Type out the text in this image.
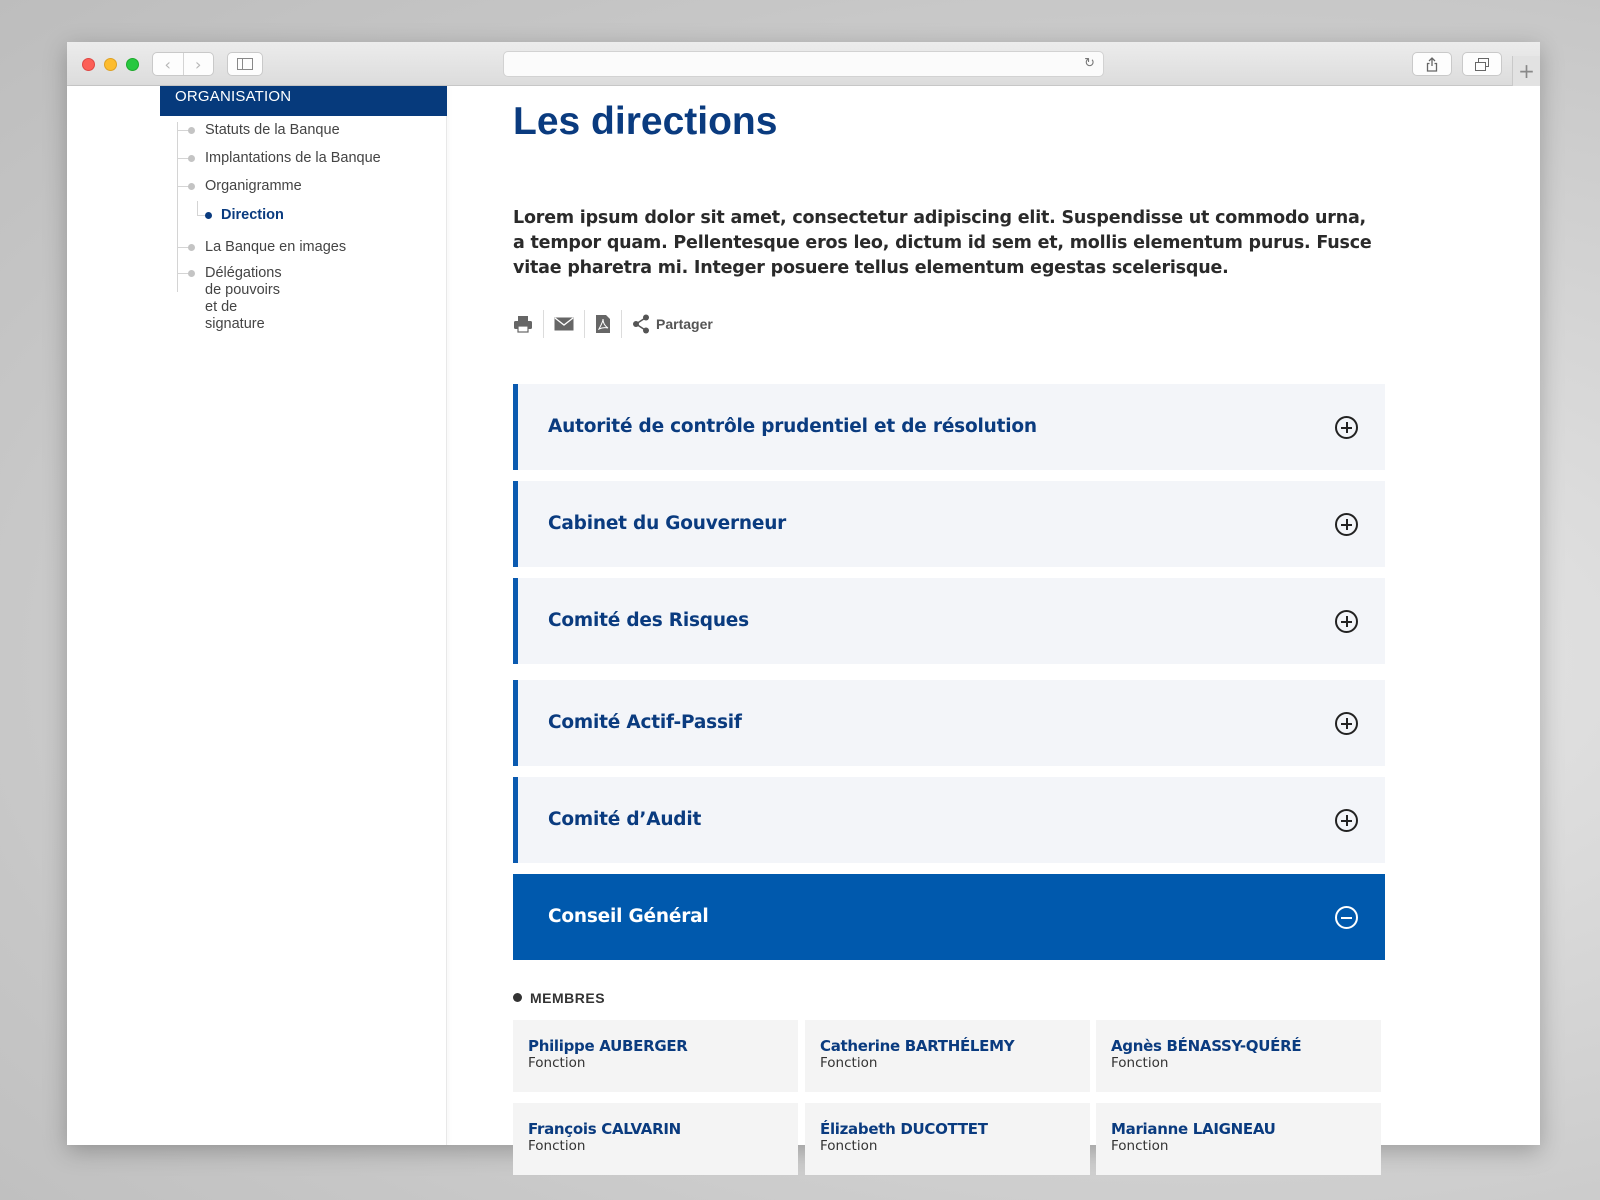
‹	›	↻	+
ORGANISATION
Statuts de la Banque
Implantations de la Banque
Organigramme
Direction
La Banque en images
Délégations de pouvoirs
et de signature
Les directions

Lorem ipsum dolor sit amet, consectetur adipiscing elit. Suspendisse ut commodo urna, a tempor quam. Pellentesque eros leo, dictum id sem et, mollis elementum purus. Fusce vitae pharetra mi. Integer posuere tellus elementum egestas scelerisque.

Partager
Autorité de contrôle prudentiel et de résolution
Cabinet du Gouverneur
Comité des Risques
Comité Actif-Passif
Comité d’Audit
Conseil Général
MEMBRES
Philippe AUBERGER
Fonction
Catherine BARTHÉLEMY
Fonction
Agnès BÉNASSY-QUÉRÉ
Fonction
François CALVARIN
Fonction
Élizabeth DUCOTTET
Fonction
Marianne LAIGNEAU
Fonction
